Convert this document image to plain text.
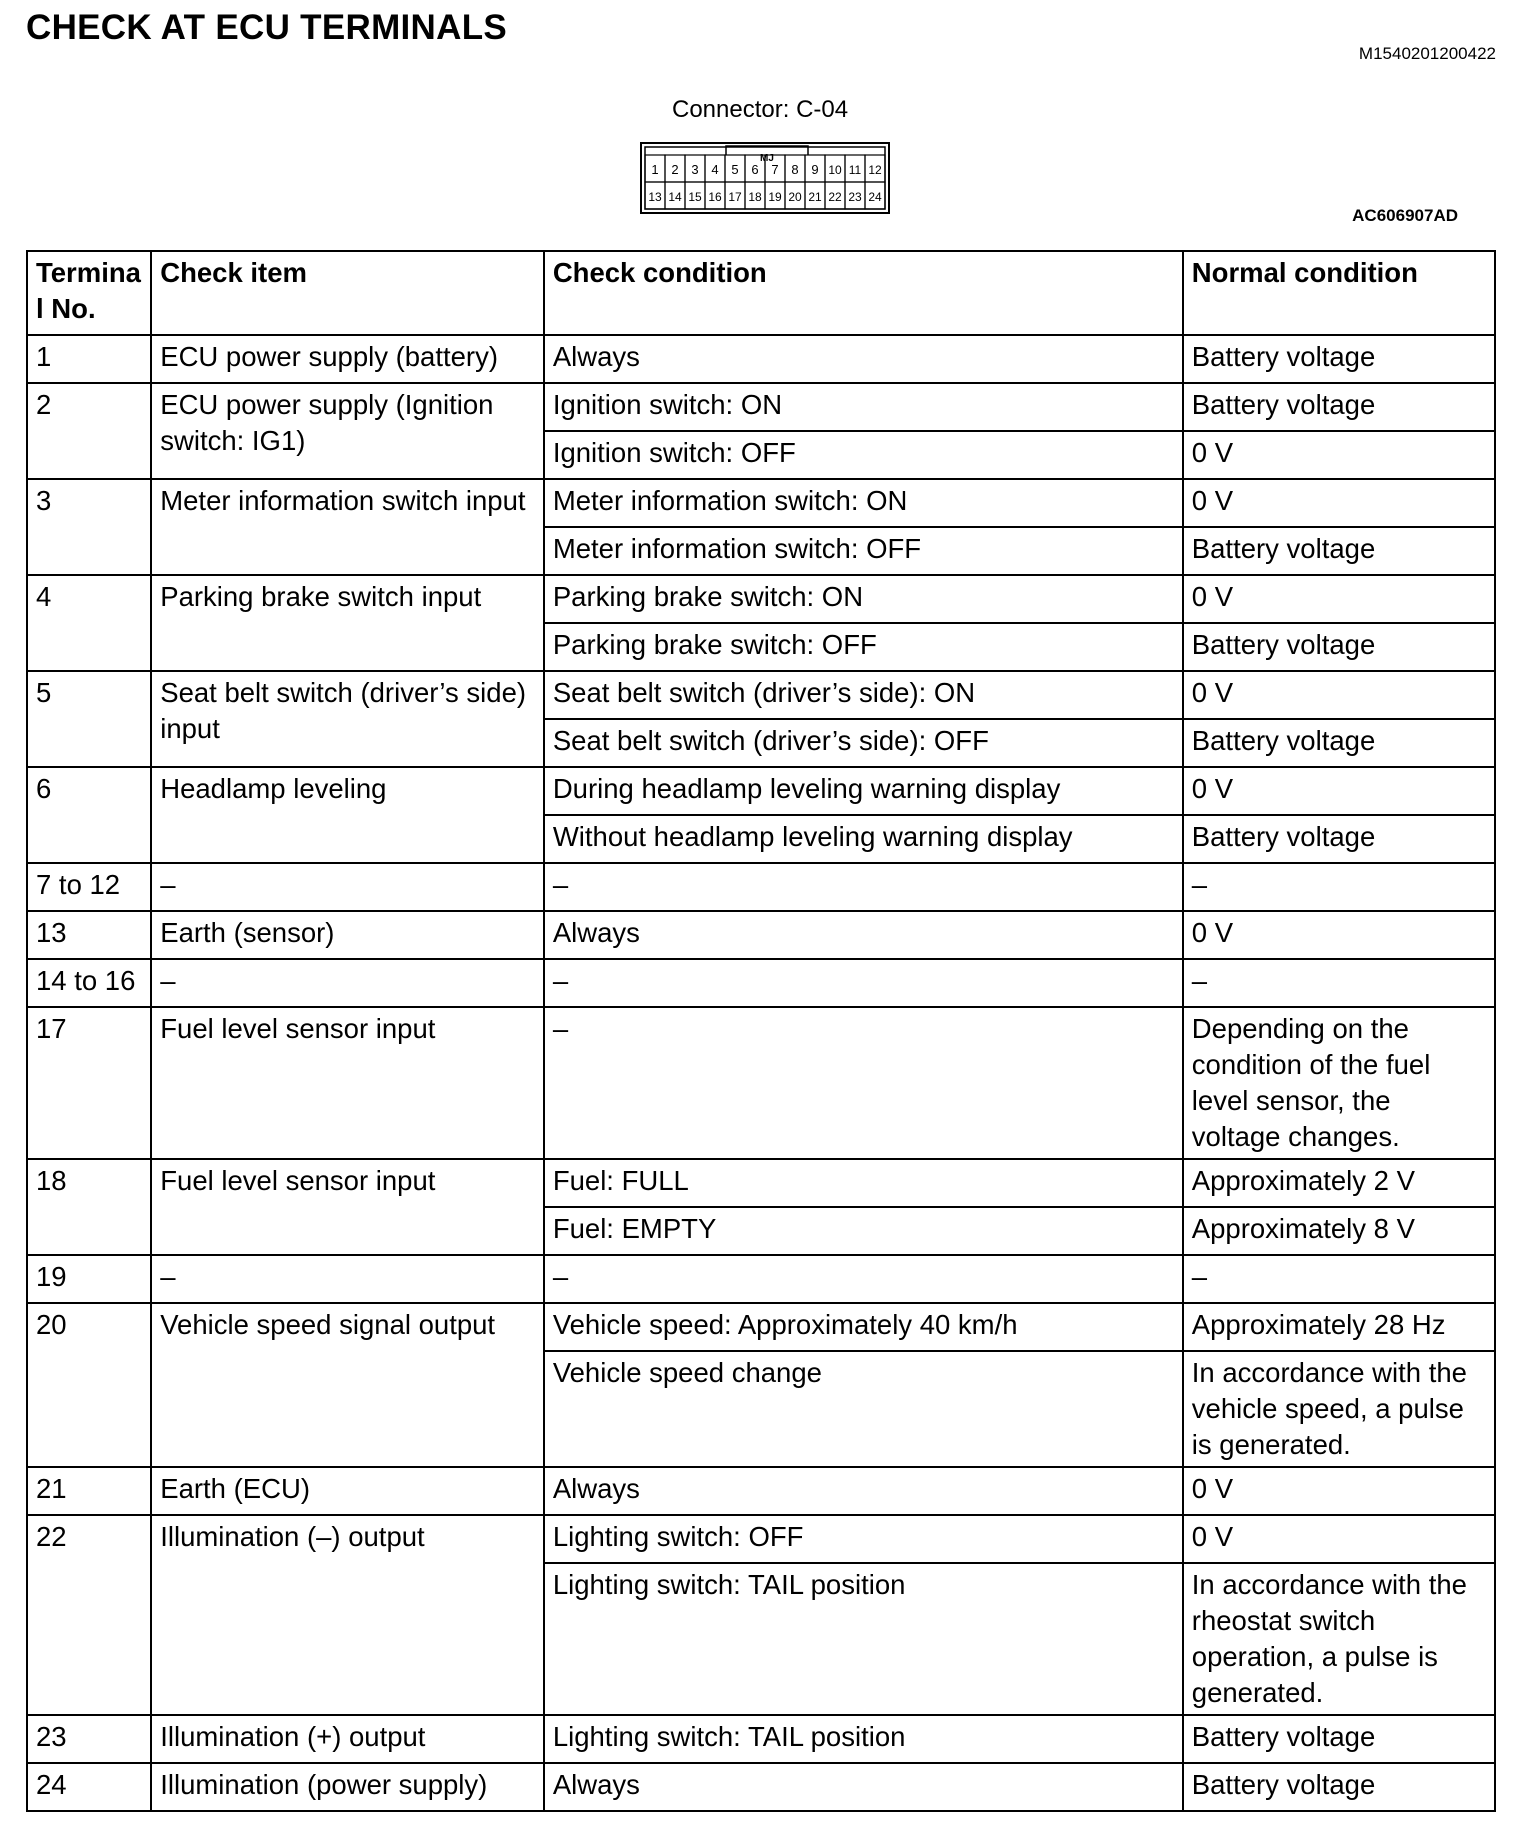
CHECK AT ECU TERMINALS
M1540201200422
Connector: C-04
MJ
1 2 3 4 5 6 7 8 9 10 11 12
13 14 15 16 17 18 19 20 21 22 23 24
AC606907AD
Termina l No.	Check item	Check condition	Normal condition
1	ECU power supply (battery)	Always	Battery voltage
2	ECU power supply (Ignition switch: IG1)	Ignition switch: ON	Battery voltage
		Ignition switch: OFF	0 V
3	Meter information switch input	Meter information switch: ON	0 V
		Meter information switch: OFF	Battery voltage
4	Parking brake switch input	Parking brake switch: ON	0 V
		Parking brake switch: OFF	Battery voltage
5	Seat belt switch (driver’s side) input	Seat belt switch (driver’s side): ON	0 V
		Seat belt switch (driver’s side): OFF	Battery voltage
6	Headlamp leveling	During headlamp leveling warning display	0 V
		Without headlamp leveling warning display	Battery voltage
7 to 12	–	–	–
13	Earth (sensor)	Always	0 V
14 to 16	–	–	–
17	Fuel level sensor input	–	Depending on the condition of the fuel level sensor, the voltage changes.
18	Fuel level sensor input	Fuel: FULL	Approximately 2 V
		Fuel: EMPTY	Approximately 8 V
19	–	–	–
20	Vehicle speed signal output	Vehicle speed: Approximately 40 km/h	Approximately 28 Hz
		Vehicle speed change	In accordance with the vehicle speed, a pulse is generated.
21	Earth (ECU)	Always	0 V
22	Illumination (–) output	Lighting switch: OFF	0 V
		Lighting switch: TAIL position	In accordance with the rheostat switch operation, a pulse is generated.
23	Illumination (+) output	Lighting switch: TAIL position	Battery voltage
24	Illumination (power supply)	Always	Battery voltage
